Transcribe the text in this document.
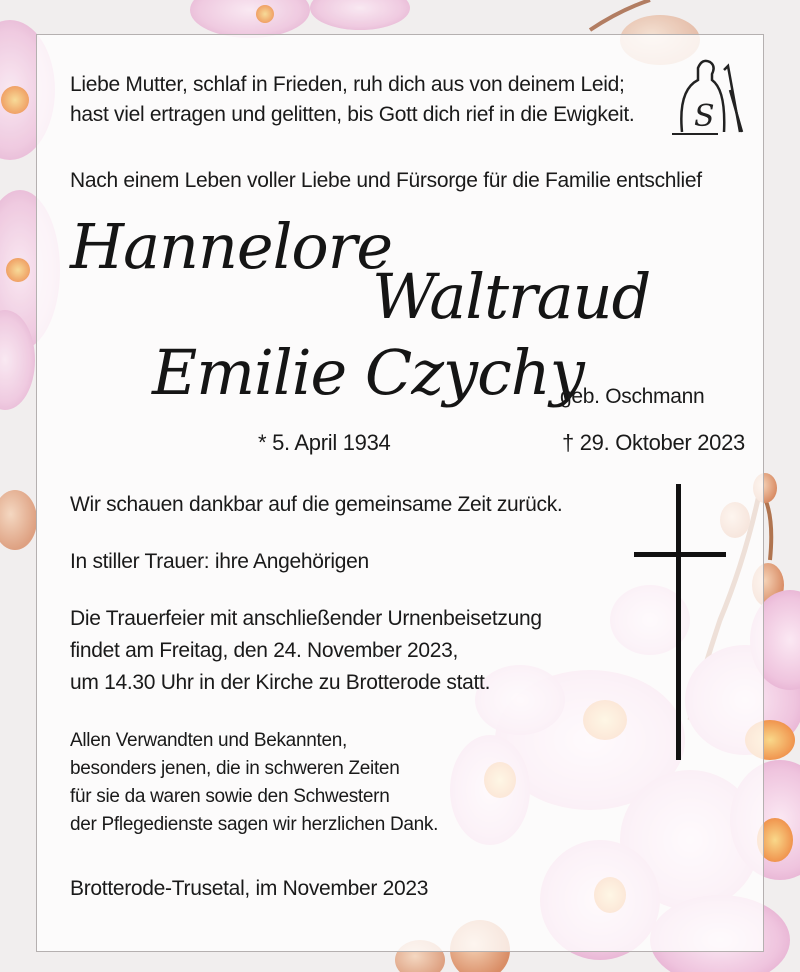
Liebe Mutter, schlaf in Frieden, ruh dich aus von deinem Leid;
hast viel ertragen und gelitten, bis Gott dich rief in die Ewigkeit. S

Nach einem Leben voller Liebe und Fürsorge für die Familie entschlief

Hannelore

Waltraud

Emilie Czychy

geb. Oschmann

* 5. April 1934	† 29. Oktober 2023

Wir schauen dankbar auf die gemeinsame Zeit zurück.

In stiller Trauer: ihre Angehörigen

Die Trauerfeier mit anschließender Urnenbeisetzung
findet am Freitag, den 24. November 2023,
um 14.30 Uhr in der Kirche zu Brotterode statt.
Allen Verwandten und Bekannten,
besonders jenen, die in schweren Zeiten
für sie da waren sowie den Schwestern
der Pflegedienste sagen wir herzlichen Dank.

Brotterode-Trusetal, im November 2023
